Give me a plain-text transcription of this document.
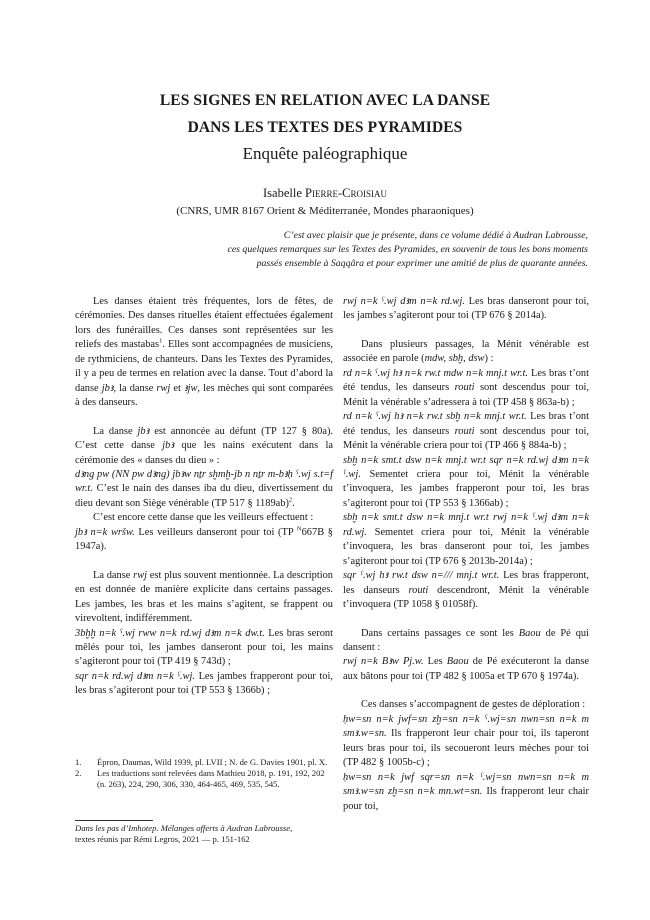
LES SIGNES EN RELATION AVEC LA DANSE
DANS LES TEXTES DES PYRAMIDES
Enquête paléographique
Isabelle Pierre-Croisiau
(CNRS, UMR 8167 Orient & Méditerranée, Mondes pharaoniques)
C’est avec plaisir que je présente, dans ce volume dédié à Audran Labrousse,
ces quelques remarques sur les Textes des Pyramides, en souvenir de tous les bons moments
passés ensemble à Saqqâra et pour exprimer une amitié de plus de quarante années.

Les danses étaient très fréquentes, lors de fêtes, de cérémonies. Des danses rituelles étaient effectuées également lors des funérailles. Ces danses sont représentées sur les reliefs des mastabas$^1$. Elles sont accompagnées de musiciens, de rythmiciens, de chanteurs. Dans les Textes des Pyramides, il y a peu de termes en relation avec la danse. Tout d’abord la danse jbꜣ, la danse rwj et ꜣjw, les mèches qui sont comparées à des danseurs.

La danse jbꜣ est annoncée au défunt (TP 127 § 80a). C’est cette danse jbꜣ que les nains exécutent dans la cérémonie des « danses du dieu » :

dꜣng pw (NN pw dꜣng) jbꜣw nṯr sḫmḫ-jb n nṯr m-bꜣḥ ˁ.wj s.t=f wr.t. C’est le nain des danses iba du dieu, divertissement du dieu devant son Siège vénérable (TP 517 § 1189ab)$^2$.

C’est encore cette danse que les veilleurs effectuent :

jbꜣ n=k wršw. Les veilleurs danseront pour toi (TP $^N$667B § 1947a).

La danse rwj est plus souvent mentionnée. La description en est donnée de manière explicite dans certains passages. Les jambes, les bras et les mains s’agitent, se frappent ou virevoltent, indifféremment.

3bḫḫ n=k ˁ.wj rww n=k rd.wj dꜣm n=k dw.t. Les bras seront mêlés pour toi, les jambes danseront pour toi, les mains s’agiteront pour toi (TP 419 § 743d) ;

sqr n=k rd.wj dꜣm n=k ˁ.wj. Les jambes frapperont pour toi, les bras s’agiteront pour toi (TP 553 § 1366b) ;

rwj n=k ˁ.wj dꜣm n=k rd.wj. Les bras danseront pour toi, les jambes s’agiteront pour toi (TP 676 § 2014a).

Dans plusieurs passages, la Ménit vénérable est associée en parole (mdw, sbḫ, dsw) :

rd n=k ˁ.wj hꜣ n=k rw.t mdw n=k mnj.t wr.t. Les bras t’ont été tendus, les danseurs routi sont descendus pour toi, Ménit la vénérable s’adressera à toi (TP 458 § 863a-b) ;

rd n=k ˁ.wj hꜣ n=k rw.t sbḫ n=k mnj.t wr.t. Les bras t’ont été tendus, les danseurs routi sont descendus pour toi, Ménit la vénérable criera pour toi (TP 466 § 884a-b) ;

sbḫ n=k smt.t dsw n=k mnj.t wr.t sqr n=k rd.wj dꜣm n=k ˁ.wj. Sementet criera pour toi, Ménit la vénérable t’invoquera, les jambes frapperont pour toi, les bras s’agiteront pour toi (TP 553 § 1366ab) ;

sbḫ n=k smt.t dsw n=k mnj.t wr.t rwj n=k ˁ.wj dꜣm n=k rd.wj. Sementet criera pour toi, Ménit la vénérable t’invoquera, les bras danseront pour toi, les jambes s’agiteront pour toi (TP 676 § 2013b-2014a) ;

sqr ˁ.wj hꜣ rw.t dsw n=/// mnj.t wr.t. Les bras frapperont, les danseurs routi descendront, Ménit la vénérable t’invoquera (TP 1058 § 01058f).

Dans certains passages ce sont les Baou de Pé qui dansent :

rwj n=k Bꜣw Pj.w. Les Baou de Pé exécuteront la danse aux bâtons pour toi (TP 482 § 1005a et TP 670 § 1974a).

Ces danses s’accompagnent de gestes de déploration :

ḥw=sn n=k jwf=sn zḫ=sn n=k ˁ.wj=sn nwn=sn n=k m smꜣ.w=sn. Ils frapperont leur chair pour toi, ils taperont leurs bras pour toi, ils secoueront leurs mèches pour toi (TP 482 § 1005b-c) ;

ḥw=sn n=k jwf sqr=sn n=k ˁ.wj=sn nwn=sn n=k m smꜣ.w=sn zḫ=sn n=k mn.wt=sn. Ils frapperont leur chair pour toi,

1.	Épron, Daumas, Wild 1939, pl. LVII ; N. de G. Davies 1901, pl. X.
2.	Les traductions sont relevées dans Mathieu 2018, p. 191, 192, 202 (n. 263), 224, 290, 306, 330, 464-465, 469, 535, 545.
Dans les pas d’Imhotep. Mélanges offerts à Audran Labrousse,
textes réunis par Rémi Legros, 2021 — p. 151-162
